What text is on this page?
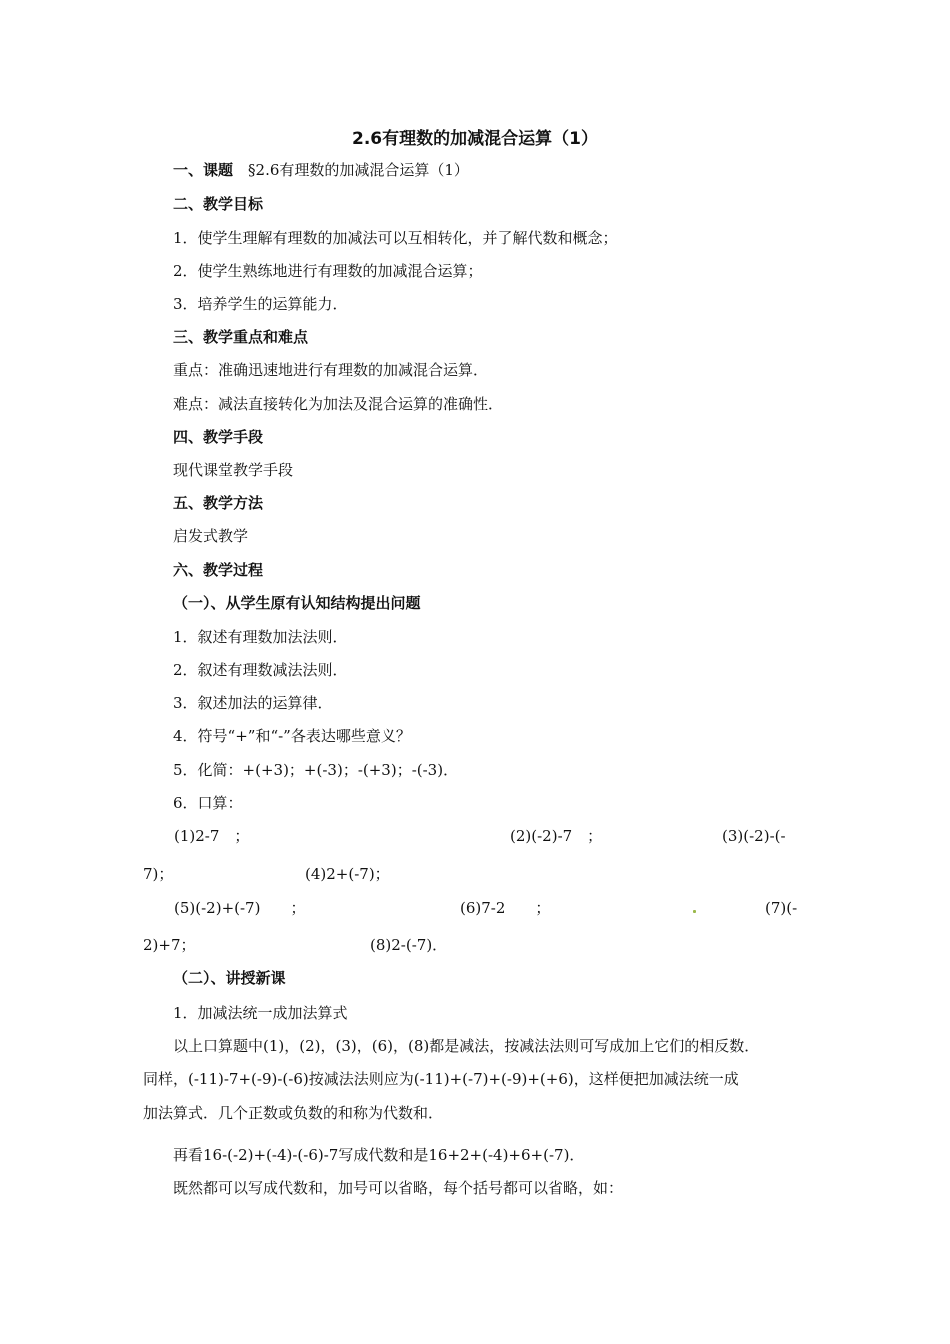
2.6有理数的加减混合运算（1）
一、课题　 §2.6有理数的加减混合运算（1）
二、教学目标
1．使学生理解有理数的加减法可以互相转化，并了解代数和概念；
2．使学生熟练地进行有理数的加减混合运算；
3．培养学生的运算能力．
三、教学重点和难点
重点：准确迅速地进行有理数的加减混合运算．
难点：减法直接转化为加法及混合运算的准确性．
四、教学手段
现代课堂教学手段
五、教学方法
启发式教学
六、教学过程
（一）、从学生原有认知结构提出问题
1．叙述有理数加法法则．
2．叙述有理数减法法则．
3．叙述加法的运算律．
4．符号“+”和“-”各表达哪些意义？
5．化简：+(+3)；+(-3)；-(+3)；-(-3)．
6．口算：
(1)2-7　；	(2)(-2)-7　；	(3)(-2)-(-
7)；	(4)2+(-7)；
(5)(-2)+(-7)　　；	(6)7-2　　；	(7)(-
2)+7；	(8)2-(-7)．
（二）、讲授新课
1．加减法统一成加法算式
以上口算题中(1)，(2)，(3)，(6)，(8)都是减法，按减法法则可写成加上它们的相反数．
同样，(-11)-7+(-9)-(-6)按减法法则应为(-11)+(-7)+(-9)+(+6)，这样便把加减法统一成
加法算式．几个正数或负数的和称为代数和．
再看16-(-2)+(-4)-(-6)-7写成代数和是16+2+(-4)+6+(-7)．
既然都可以写成代数和，加号可以省略，每个括号都可以省略，如：
